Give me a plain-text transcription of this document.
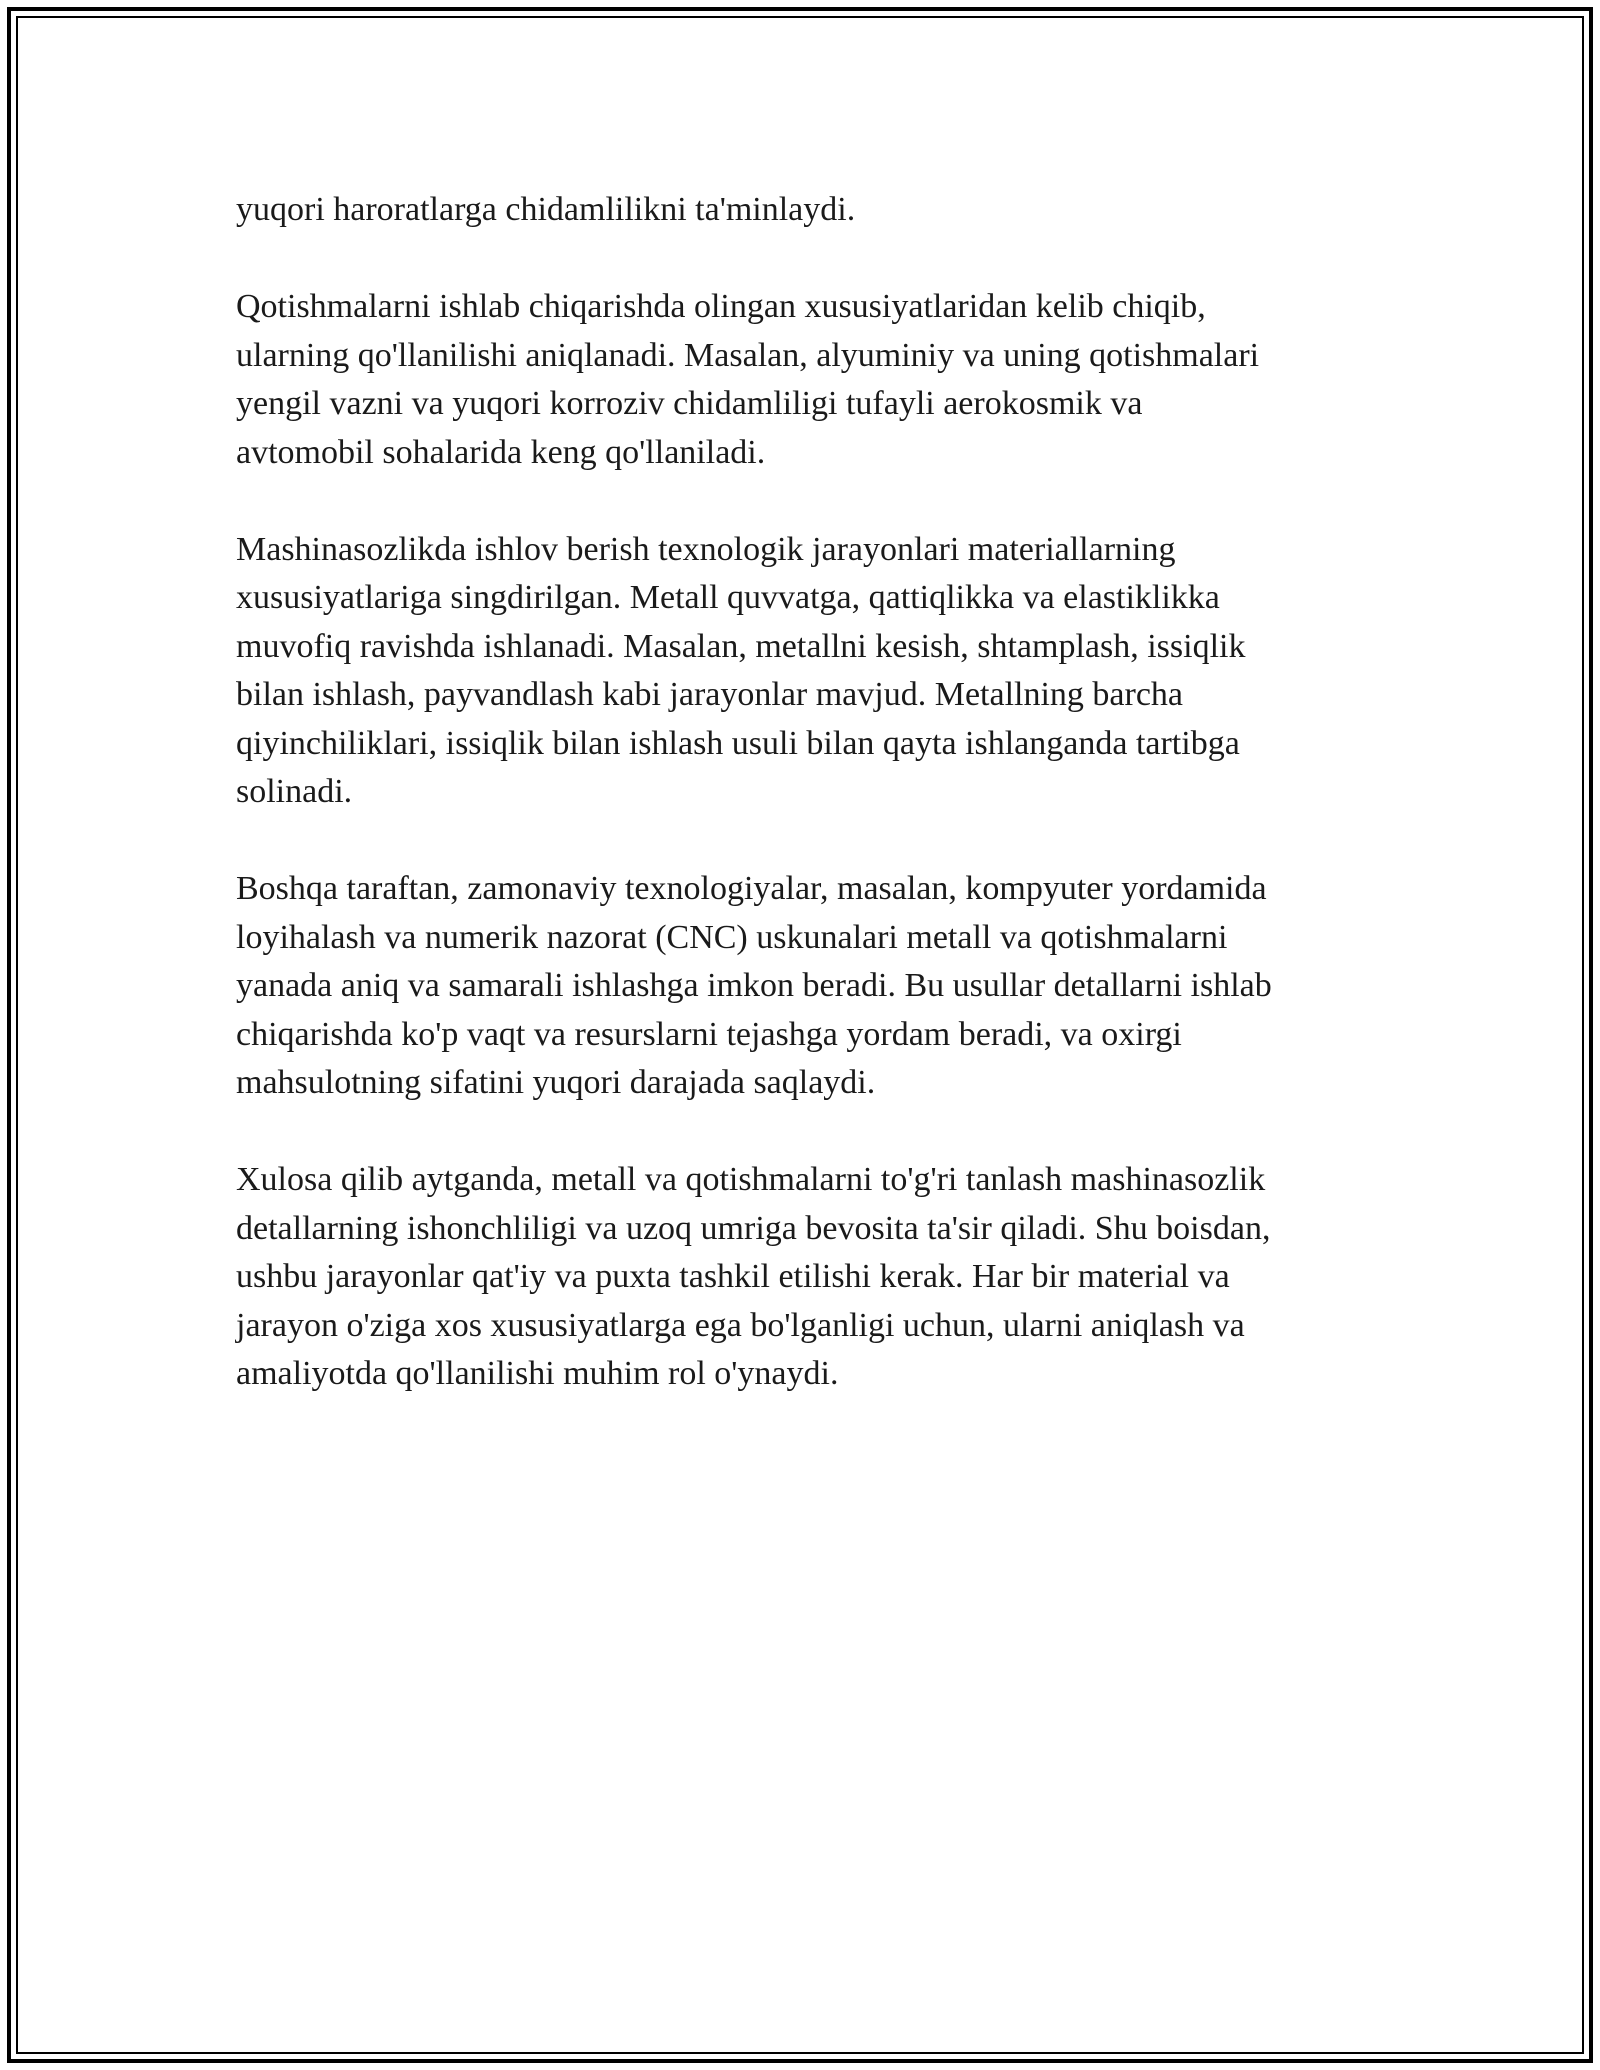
yuqori haroratlarga chidamlilikni ta'minlaydi.

Qotishmalarni ishlab chiqarishda olingan xususiyatlaridan kelib chiqib,
ularning qo'llanilishi aniqlanadi. Masalan, alyuminiy va uning qotishmalari
yengil vazni va yuqori korroziv chidamliligi tufayli aerokosmik va
avtomobil sohalarida keng qo'llaniladi.

Mashinasozlikda ishlov berish texnologik jarayonlari materiallarning
xususiyatlariga singdirilgan. Metall quvvatga, qattiqlikka va elastiklikka
muvofiq ravishda ishlanadi. Masalan, metallni kesish, shtamplash, issiqlik
bilan ishlash, payvandlash kabi jarayonlar mavjud. Metallning barcha
qiyinchiliklari, issiqlik bilan ishlash usuli bilan qayta ishlanganda tartibga
solinadi.

Boshqa taraftan, zamonaviy texnologiyalar, masalan, kompyuter yordamida
loyihalash va numerik nazorat (CNC) uskunalari metall va qotishmalarni
yanada aniq va samarali ishlashga imkon beradi. Bu usullar detallarni ishlab
chiqarishda ko'p vaqt va resurslarni tejashga yordam beradi, va oxirgi
mahsulotning sifatini yuqori darajada saqlaydi.

Xulosa qilib aytganda, metall va qotishmalarni to'g'ri tanlash mashinasozlik
detallarning ishonchliligi va uzoq umriga bevosita ta'sir qiladi. Shu boisdan,
ushbu jarayonlar qat'iy va puxta tashkil etilishi kerak. Har bir material va
jarayon o'ziga xos xususiyatlarga ega bo'lganligi uchun, ularni aniqlash va
amaliyotda qo'llanilishi muhim rol o'ynaydi.
